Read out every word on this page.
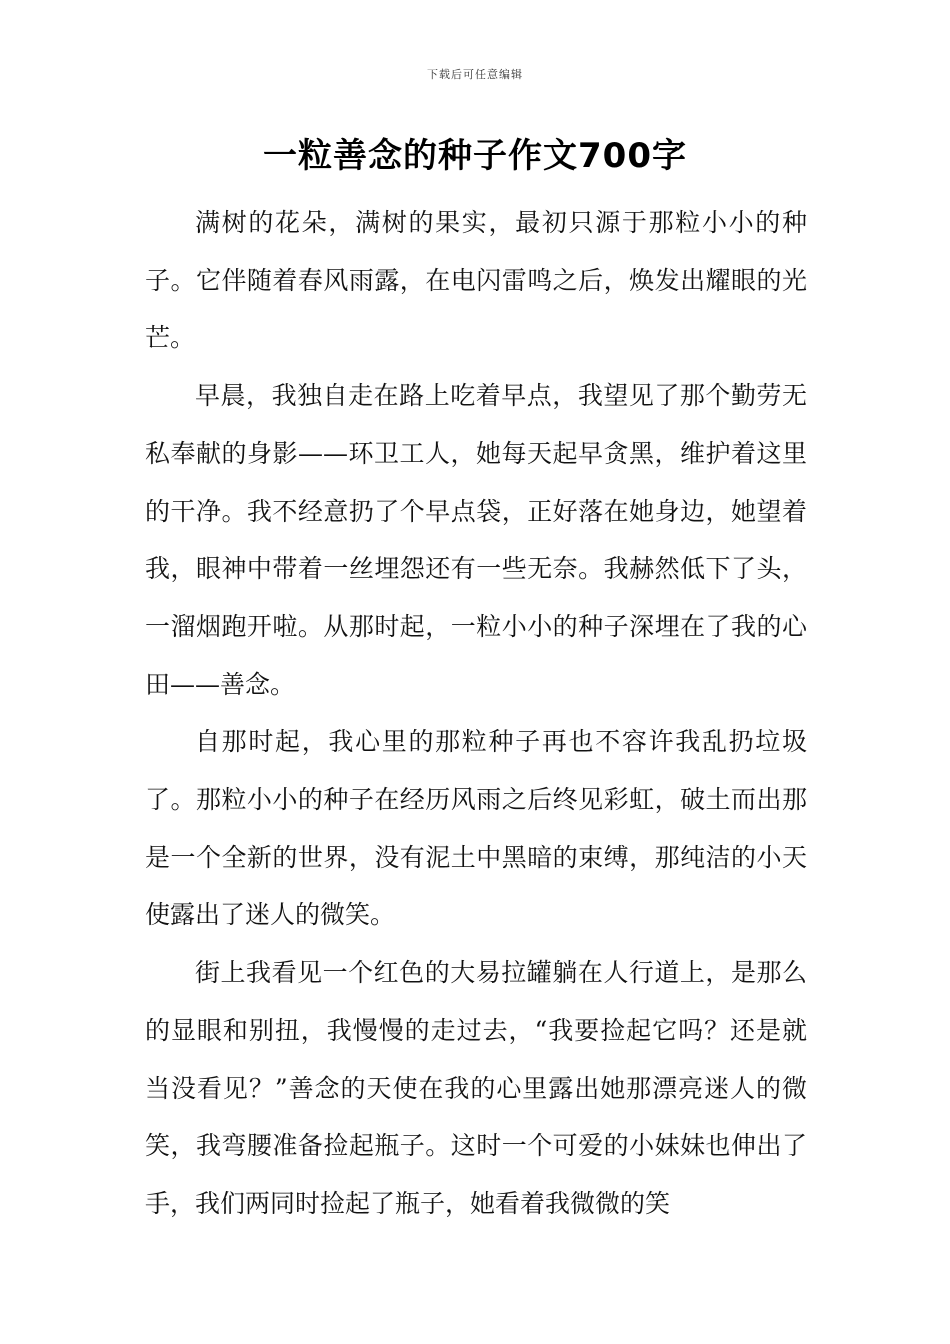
下载后可任意编辑
一粒善念的种子作文700字

满树的花朵，满树的果实，最初只源于那粒小小的种子。它伴随着春风雨露，在电闪雷鸣之后，焕发出耀眼的光芒。

早晨，我独自走在路上吃着早点，我望见了那个勤劳无私奉献的身影——环卫工人，她每天起早贪黑，维护着这里的干净。我不经意扔了个早点袋，正好落在她身边，她望着我，眼神中带着一丝埋怨还有一些无奈。我赫然低下了头，一溜烟跑开啦。从那时起，一粒小小的种子深埋在了我的心田——善念。

自那时起，我心里的那粒种子再也不容许我乱扔垃圾了。那粒小小的种子在经历风雨之后终见彩虹，破土而出那是一个全新的世界，没有泥土中黑暗的束缚，那纯洁的小天使露出了迷人的微笑。

街上我看见一个红色的大易拉罐躺在人行道上，是那么的显眼和别扭，我慢慢的走过去，“我要捡起它吗？还是就当没看见？”善念的天使在我的心里露出她那漂亮迷人的微笑，我弯腰准备捡起瓶子。这时一个可爱的小妹妹也伸出了手，我们两同时捡起了瓶子，她看着我微微的笑
